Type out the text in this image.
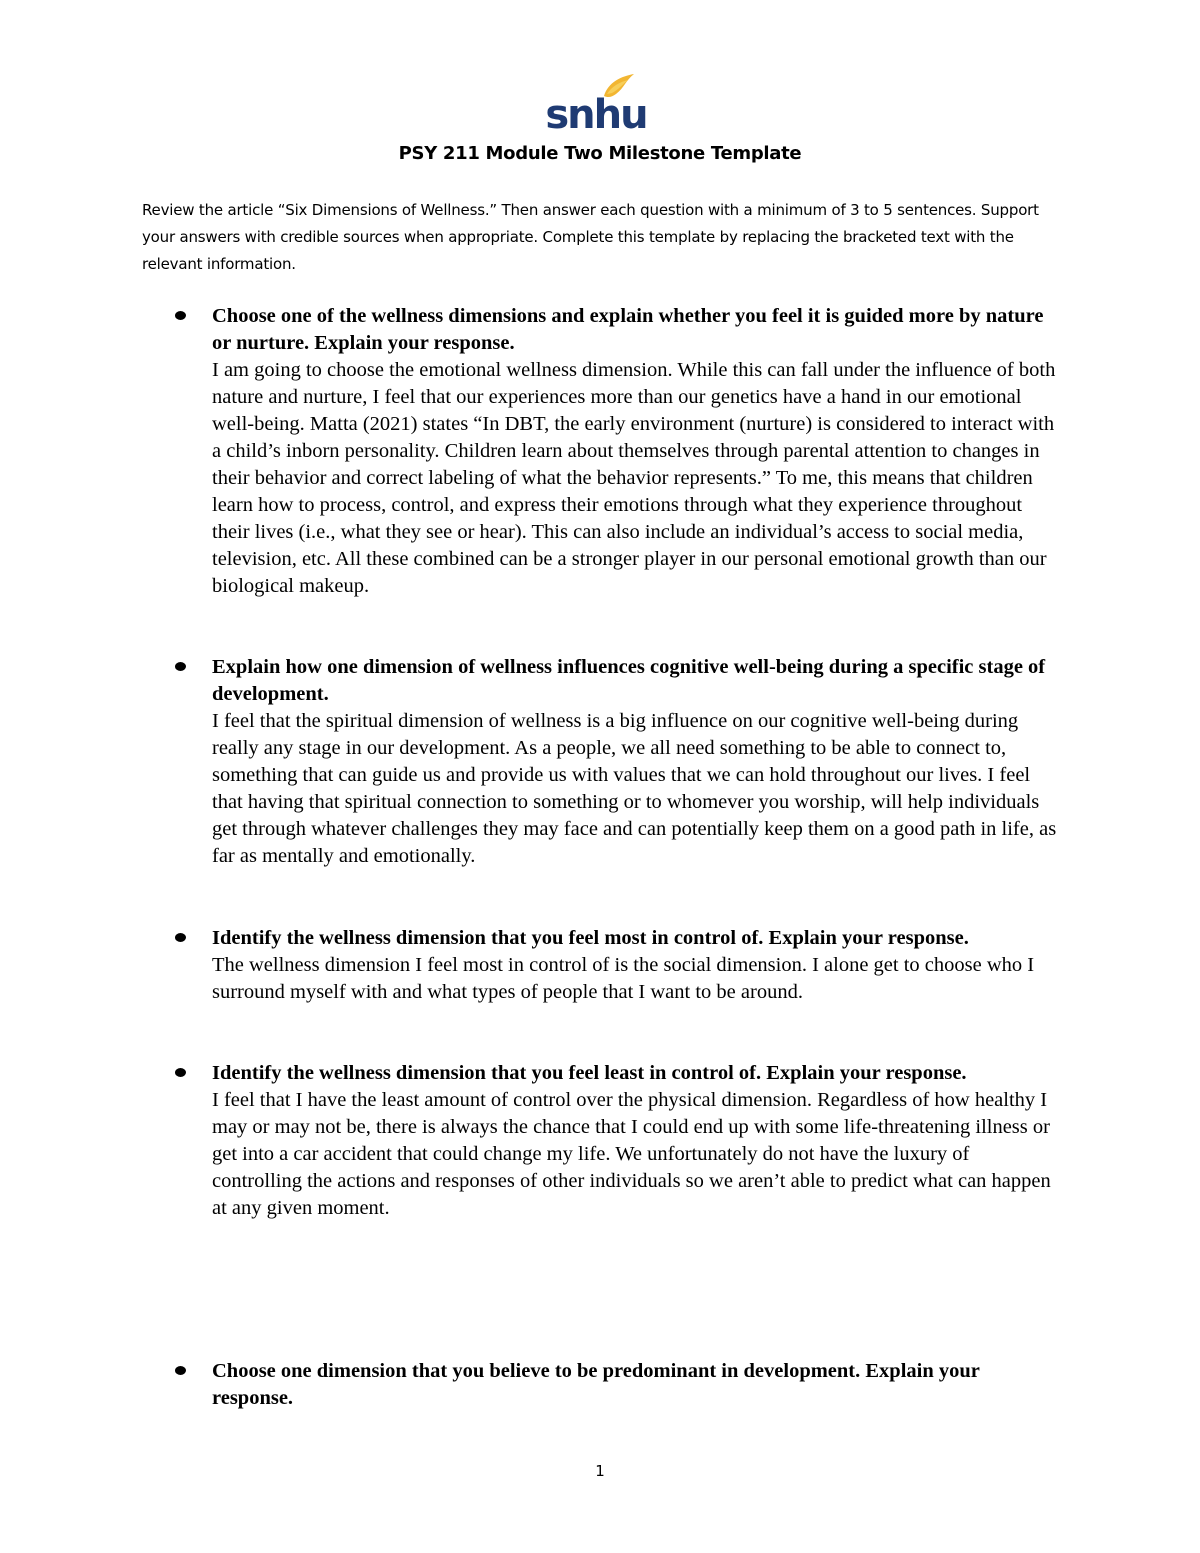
snhu
PSY 211 Module Two Milestone Template

Review the article “Six Dimensions of Wellness.” Then answer each question with a minimum of 3 to 5 sentences. Support your answers with credible sources when appropriate. Complete this template by replacing the bracketed text with the relevant information.

Choose one of the wellness dimensions and explain whether you feel it is guided more by nature or nurture. Explain your response.
I am going to choose the emotional wellness dimension. While this can fall under the influence of both nature and nurture, I feel that our experiences more than our genetics have a hand in our emotional well-being. Matta (2021) states “In DBT, the early environment (nurture) is considered to interact with a child’s inborn personality. Children learn about themselves through parental attention to changes in their behavior and correct labeling of what the behavior represents.” To me, this means that children learn how to process, control, and express their emotions through what they experience throughout their lives (i.e., what they see or hear). This can also include an individual’s access to social media, television, etc. All these combined can be a stronger player in our personal emotional growth than our biological makeup.
Explain how one dimension of wellness influences cognitive well-being during a specific stage of development.
I feel that the spiritual dimension of wellness is a big influence on our cognitive well-being during really any stage in our development. As a people, we all need something to be able to connect to, something that can guide us and provide us with values that we can hold throughout our lives. I feel that having that spiritual connection to something or to whomever you worship, will help individuals get through whatever challenges they may face and can potentially keep them on a good path in life, as far as mentally and emotionally.
Identify the wellness dimension that you feel most in control of. Explain your response.
The wellness dimension I feel most in control of is the social dimension. I alone get to choose who I surround myself with and what types of people that I want to be around.
Identify the wellness dimension that you feel least in control of. Explain your response.
I feel that I have the least amount of control over the physical dimension. Regardless of how healthy I may or may not be, there is always the chance that I could end up with some life-threatening illness or get into a car accident that could change my life. We unfortunately do not have the luxury of controlling the actions and responses of other individuals so we aren’t able to predict what can happen at any given moment.
Choose one dimension that you believe to be predominant in development. Explain your response.

1
